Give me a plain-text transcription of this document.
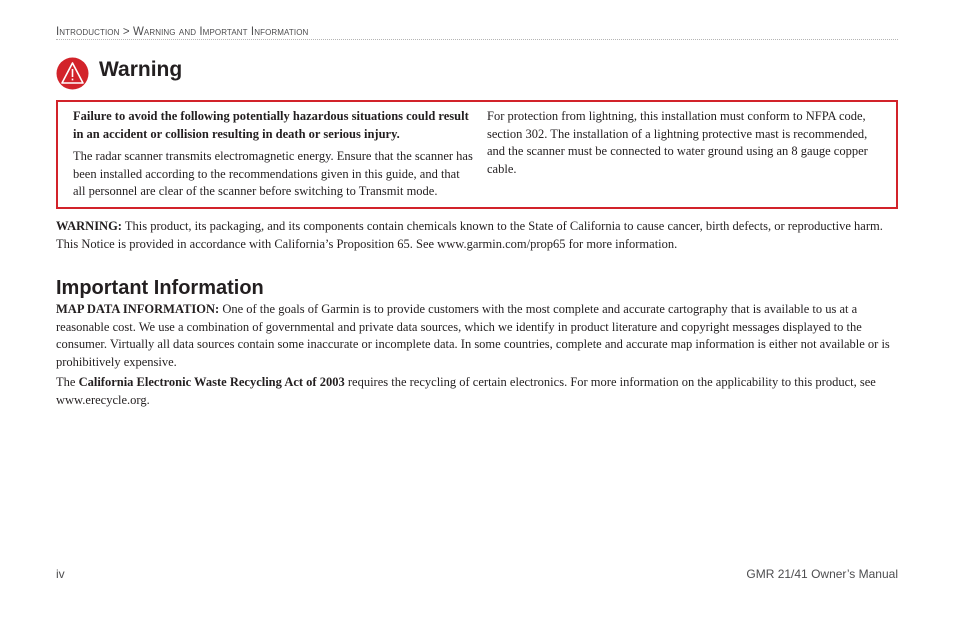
Introduction > Warning and Important Information
Warning

Failure to avoid the following potentially hazardous situations could result in an accident or collision resulting in death or serious injury.

The radar scanner transmits electromagnetic energy. Ensure that the scanner has been installed according to the recommendations given in this guide, and that all personnel are clear of the scanner before switching to Transmit mode.

For protection from lightning, this installation must conform to NFPA code, section 302. The installation of a lightning protective mast is recommended, and the scanner must be connected to water ground using an 8 gauge copper cable.

WARNING: This product, its packaging, and its components contain chemicals known to the State of California to cause cancer, birth defects, or reproductive harm. This Notice is provided in accordance with California’s Proposition 65. See www.garmin.com/prop65 for more information.

Important Information

MAP DATA INFORMATION: One of the goals of Garmin is to provide customers with the most complete and accurate cartography that is available to us at a reasonable cost. We use a combination of governmental and private data sources, which we identify in product literature and copyright messages displayed to the consumer. Virtually all data sources contain some inaccurate or incomplete data. In some countries, complete and accurate map information is either not available or is prohibitively expensive.

The California Electronic Waste Recycling Act of 2003 requires the recycling of certain electronics. For more information on the applicability to this product, see www.erecycle.org.

iv	GMR 21/41 Owner’s Manual
